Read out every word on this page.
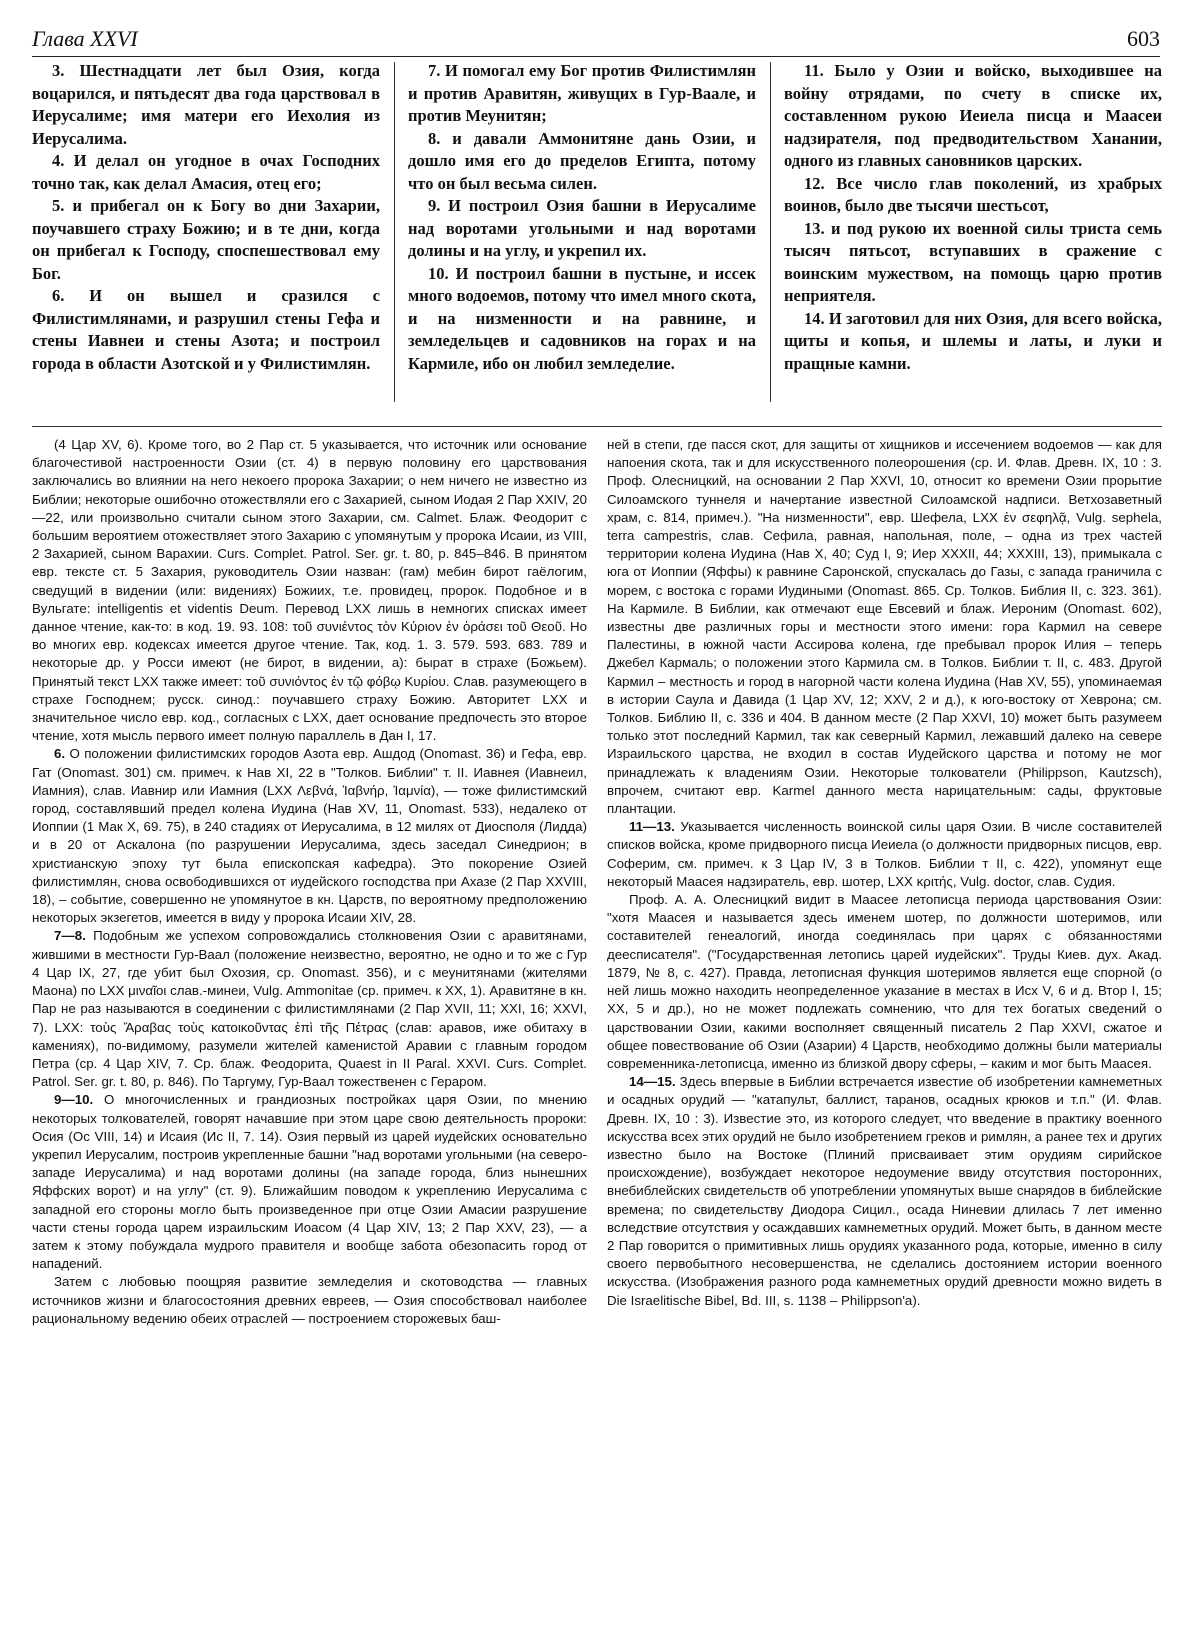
Глава XXVI	603

3. Шестнадцати лет был Озия, когда воцарился, и пятьдесят два года царствовал в Иерусалиме; имя матери его Иехолия из Иерусалима.

4. И делал он угодное в очах Господних точно так, как делал Амасия, отец его;

5. и прибегал он к Богу во дни Захарии, поучавшего страху Божию; и в те дни, когда он прибегал к Господу, споспешествовал ему Бог.

6. И он вышел и сразился с Филистимлянами, и разрушил стены Гефа и стены Иавнеи и стены Азота; и построил города в области Азотской и у Филистимлян.

7. И помогал ему Бог против Филистимлян и против Аравитян, живущих в Гур-Ваале, и против Меунитян;

8. и давали Аммонитяне дань Озии, и дошло имя его до пределов Египта, потому что он был весьма силен.

9. И построил Озия башни в Иерусалиме над воротами угольными и над воротами долины и на углу, и укрепил их.

10. И построил башни в пустыне, и иссек много водоемов, потому что имел много скота, и на низменности и на равнине, и земледельцев и садовников на горах и на Кармиле, ибо он любил земледелие.

11. Было у Озии и войско, выходившее на войну отрядами, по счету в списке их, составленном рукою Иеиела писца и Маасеи надзирателя, под предводительством Ханании, одного из главных сановников царских.

12. Все число глав поколений, из храбрых воинов, было две тысячи шестьсот,

13. и под рукою их военной силы триста семь тысяч пятьсот, вступавших в сражение с воинским мужеством, на помощь царю против неприятеля.

14. И заготовил для них Озия, для всего войска, щиты и копья, и шлемы и латы, и луки и пращные камни.

(4 Цар XV, 6). Кроме того, во 2 Пар ст. 5 указывается, что источник или основание благочестивой настроенности Озии (ст. 4) в первую половину его царствования заключались во влиянии на него некоего пророка Захарии; о нем ничего не известно из Библии; некоторые ошибочно отожествляли его с Захарией, сыном Иодая 2 Пар XXIV, 20—22, или произвольно считали сыном этого Захарии, см. Calmet. Блаж. Феодорит с большим вероятием отожествляет этого Захарию с упомянутым у пророка Исаии, из VIII, 2 Захарией, сыном Варахии. Curs. Complet. Patrol. Ser. gr. t. 80, p. 845–846. В принятом евр. тексте ст. 5 Захария, руководитель Озии назван: (гам) мебин бирот гаёлогим, сведущий в видении (или: видениях) Божиих, т.е. провидец, пророк. Подобное и в Вульгате: intelligentis et videntis Deum. Перевод LXX лишь в немногих списках имеет данное чтение, как-то: в код. 19. 93. 108: τοῦ συνιέντος τὸν Κύριον ἐν ὁράσει τοῦ Θεοῦ. Но во многих евр. кодексах имеется другое чтение. Так, код. 1. 3. 579. 593. 683. 789 и некоторые др. у Росси имеют (не бирот, в видении, а): бырат в страхе (Божьем). Принятый текст LXX также имеет: τοῦ συνιόντος ἐν τῷ φόβῳ Κυρίου. Слав. разумеющего в страхе Господнем; русск. синод.: поучавшего страху Божию. Авторитет LXX и значительное число евр. код., согласных с LXX, дает основание предпочесть это второе чтение, хотя мысль первого имеет полную параллель в Дан I, 17.

6. О положении филистимских городов Азота евр. Ашдод (Onomast. 36) и Гефа, евр. Гат (Onomast. 301) см. примеч. к Нав XI, 22 в "Толков. Библии" т. II. Иавнея (Иавнеил, Иамния), слав. Иавнир или Иамния (LXX Λεβνά, Ἰαβνήρ, Ἰαμνία), — тоже филистимский город, составлявший предел колена Иудина (Нав XV, 11, Onomast. 533), недалеко от Иоппии (1 Мак X, 69. 75), в 240 стадиях от Иерусалима, в 12 милях от Диосполя (Лидда) и в 20 от Аскалона (по разрушении Иерусалима, здесь заседал Синедрион; в христианскую эпоху тут была епископская кафедра). Это покорение Озией филистимлян, снова освободившихся от иудейского господства при Ахазе (2 Пар XXVIII, 18), – событие, совершенно не упомянутое в кн. Царств, по вероятному предположению некоторых экзегетов, имеется в виду у пророка Исаии XIV, 28.

7—8. Подобным же успехом сопровождались столкновения Озии с аравитянами, жившими в местности Гур-Ваал (положение неизвестно, вероятно, не одно и то же с Гур 4 Цар IX, 27, где убит был Охозия, ср. Onomast. 356), и с меунитянами (жителями Маона) по LXX μιναῖοι слав.-минеи, Vulg. Ammonitae (ср. примеч. к XX, 1). Аравитяне в кн. Пар не раз называются в соединении с филистимлянами (2 Пар XVII, 11; XXI, 16; XXVI, 7). LXX: τοὺς Ἄραβας τοὺς κατοικοῦντας ἐπὶ τῆς Πέτρας (слав: аравов, иже обитаху в камениях), по-видимому, разумели жителей каменистой Аравии с главным городом Петра (ср. 4 Цар XIV, 7. Ср. блаж. Феодорита, Quaest in II Paral. XXVI. Curs. Complet. Patrol. Ser. gr. t. 80, p. 846). По Таргуму, Гур-Ваал тожественен с Гераром.

9—10. О многочисленных и грандиозных постройках царя Озии, по мнению некоторых толкователей, говорят начавшие при этом царе свою деятельность пророки: Осия (Ос VIII, 14) и Исаия (Ис II, 7. 14). Озия первый из царей иудейских основательно укрепил Иерусалим, построив укрепленные башни "над воротами угольными (на северо-западе Иерусалима) и над воротами долины (на западе города, близ нынешних Яффских ворот) и на углу" (ст. 9). Ближайшим поводом к укреплению Иерусалима с западной его стороны могло быть произведенное при отце Озии Амасии разрушение части стены города царем израильским Иоасом (4 Цар XIV, 13; 2 Пар XXV, 23), — а затем к этому побуждала мудрого правителя и вообще забота обезопасить город от нападений.

Затем с любовью поощряя развитие земледелия и скотоводства — главных источников жизни и благосостояния древних евреев, — Озия способствовал наиболее рациональному ведению обеих отраслей — построением сторожевых баш-

ней в степи, где пасся скот, для защиты от хищников и иссечением водоемов — как для напоения скота, так и для искусственного полеорошения (ср. И. Флав. Древн. IX, 10 : 3. Проф. Олесницкий, на основании 2 Пар XXVI, 10, относит ко времени Озии прорытие Силоамского туннеля и начертание известной Силоамской надписи. Ветхозаветный храм, с. 814, примеч.). "На низменности", евр. Шефела, LXX ἐν σεφηλᾷ, Vulg. sephela, terra campestris, слав. Сефила, равная, напольная, поле, – одна из трех частей территории колена Иудина (Нав X, 40; Суд I, 9; Иер XXXII, 44; XXXIII, 13), примыкала с юга от Иоппии (Яффы) к равнине Саронской, спускалась до Газы, с запада граничила с морем, с востока с горами Иудиными (Onomast. 865. Ср. Толков. Библия II, с. 323. 361). На Кармиле. В Библии, как отмечают еще Евсевий и блаж. Иероним (Onomast. 602), известны две различных горы и местности этого имени: гора Кармил на севере Палестины, в южной части Ассирова колена, где пребывал пророк Илия – теперь Джебел Кармаль; о положении этого Кармила см. в Толков. Библии т. II, с. 483. Другой Кармил – местность и город в нагорной части колена Иудина (Нав XV, 55), упоминаемая в истории Саула и Давида (1 Цар XV, 12; XXV, 2 и д.), к юго-востоку от Хеврона; см. Толков. Библию II, с. 336 и 404. В данном месте (2 Пар XXVI, 10) может быть разумеем только этот последний Кармил, так как северный Кармил, лежавший далеко на севере Израильского царства, не входил в состав Иудейского царства и потому не мог принадлежать к владениям Озии. Некоторые толкователи (Philippson, Kautzsch), впрочем, считают евр. Karmel данного места нарицательным: сады, фруктовые плантации.

11—13. Указывается численность воинской силы царя Озии. В числе составителей списков войска, кроме придворного писца Иеиела (о должности придворных писцов, евр. Соферим, см. примеч. к 3 Цар IV, 3 в Толков. Библии т II, с. 422), упомянут еще некоторый Маасея надзиратель, евр. шотер, LXX κριτής, Vulg. doctor, слав. Судия.

Проф. А. А. Олесницкий видит в Маасее летописца периода царствования Озии: "хотя Маасея и называется здесь именем шотер, по должности шотеримов, или составителей генеалогий, иногда соединялась при царях с обязанностями деесписателя". ("Государственная летопись царей иудейских". Труды Киев. дух. Акад. 1879, № 8, с. 427). Правда, летописная функция шотеримов является еще спорной (о ней лишь можно находить неопределенное указание в местах в Исх V, 6 и д. Втор I, 15; XX, 5 и др.), но не может подлежать сомнению, что для тех богатых сведений о царствовании Озии, какими восполняет священный писатель 2 Пар XXVI, сжатое и общее повествование об Озии (Азарии) 4 Царств, необходимо должны были материалы современника-летописца, именно из близкой двору сферы, – каким и мог быть Маасея.

14—15. Здесь впервые в Библии встречается известие об изобретении камнеметных и осадных орудий — "катапульт, баллист, таранов, осадных крюков и т.п." (И. Флав. Древн. IX, 10 : 3). Известие это, из которого следует, что введение в практику военного искусства всех этих орудий не было изобретением греков и римлян, а ранее тех и других известно было на Востоке (Плиний присваивает этим орудиям сирийское происхождение), возбуждает некоторое недоумение ввиду отсутствия посторонних, внебиблейских свидетельств об употреблении упомянутых выше снарядов в библейские времена; по свидетельству Диодора Сицил., осада Ниневии длилась 7 лет именно вследствие отсутствия у осаждавших камнеметных орудий. Может быть, в данном месте 2 Пар говорится о примитивных лишь орудиях указанного рода, которые, именно в силу своего первобытного несовершенства, не сделались достоянием истории военного искусства. (Изображения разного рода камнеметных орудий древности можно видеть в Die Israelitische Bibel, Bd. III, s. 1138 – Philippson'а).
